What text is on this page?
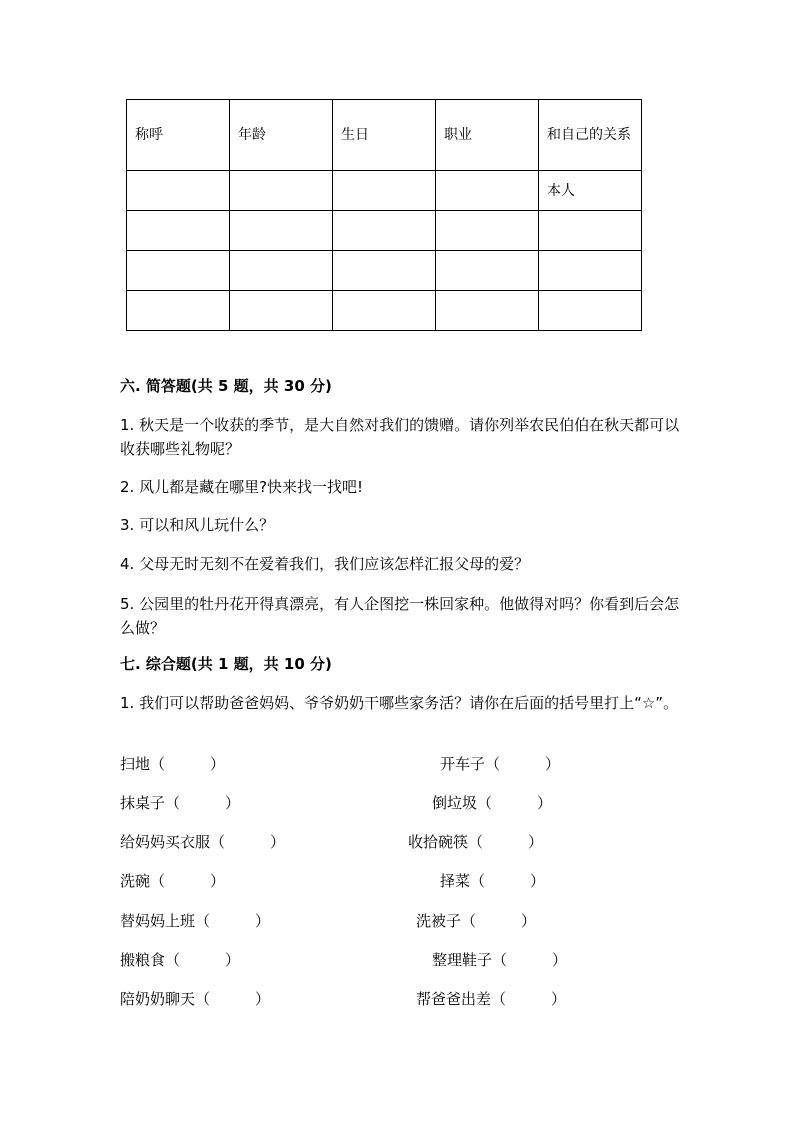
称呼	年龄	生日	职业	和自己的关系
				本人

六. 简答题(共 5 题，共 30 分)

1. 秋天是一个收获的季节，是大自然对我们的馈赠。请你列举农民伯伯在秋天都可以收获哪些礼物呢？

2. 风儿都是藏在哪里?快来找一找吧!

3. 可以和风儿玩什么？

4. 父母无时无刻不在爱着我们，我们应该怎样汇报父母的爱？

5. 公园里的牡丹花开得真漂亮，有人企图挖一株回家种。他做得对吗？你看到后会怎么做？

七. 综合题(共 1 题，共 10 分)

1. 我们可以帮助爸爸妈妈、爷爷奶奶干哪些家务活？请你在后面的括号里打上“☆”。

扫地（　　　）	开车子（　　　）
抹桌子（　　　）	倒垃圾（　　　）
给妈妈买衣服（　　　）	收拾碗筷（　　　）
洗碗（　　　）	择菜（　　　）
替妈妈上班（　　　）	洗被子（　　　）
搬粮食（　　　）	整理鞋子（　　　）
陪奶奶聊天（　　　）	帮爸爸出差（　　　）
